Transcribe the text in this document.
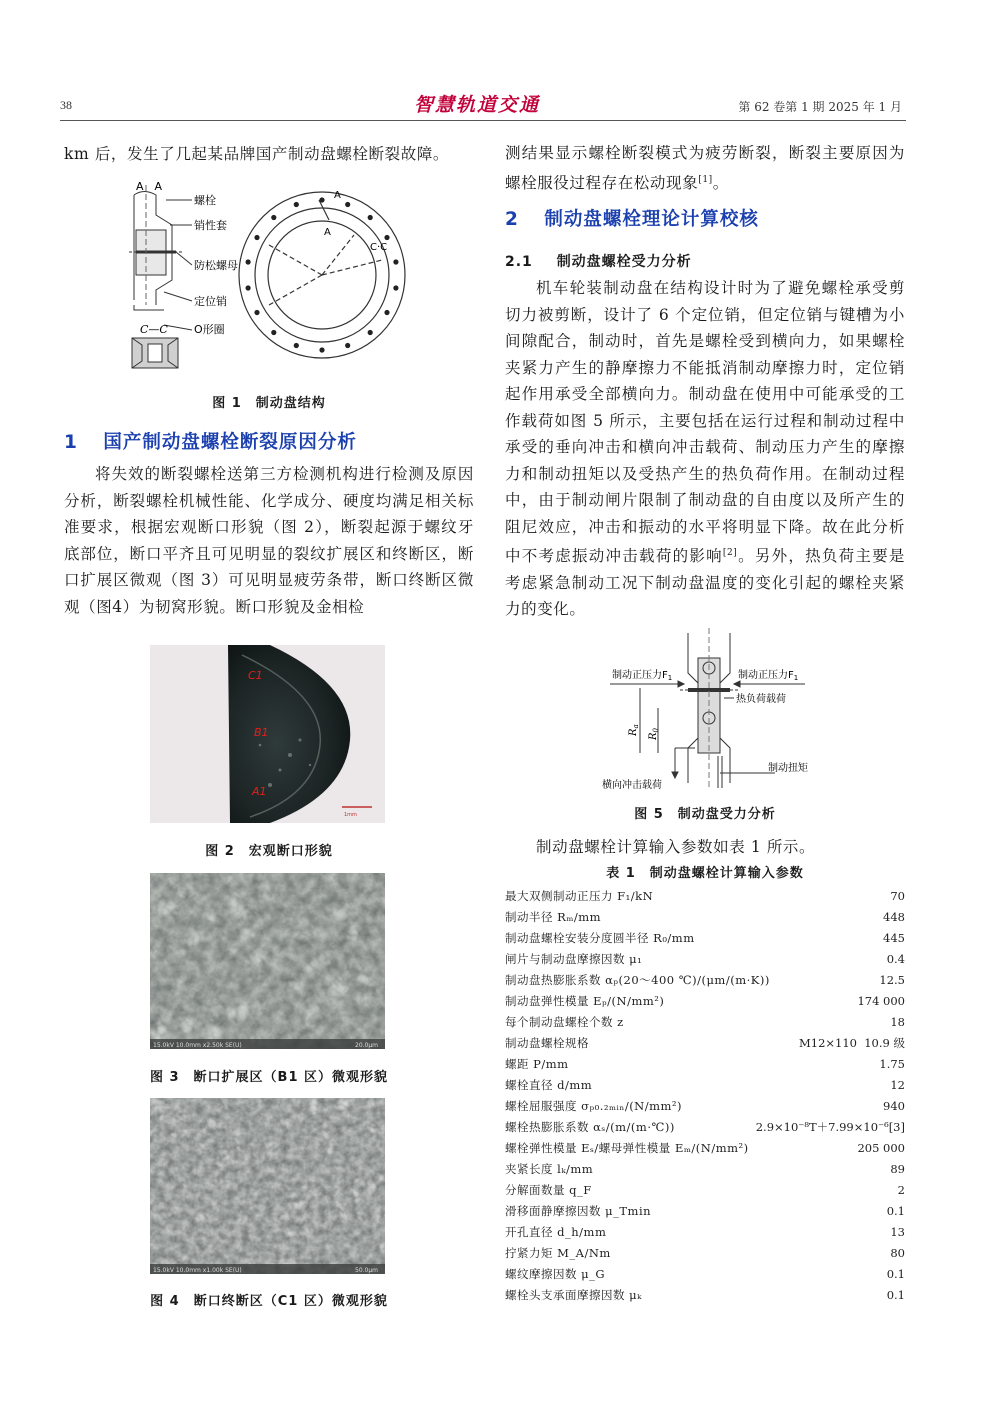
38	智慧轨道交通	第 62 卷第 1 期 2025 年 1 月
km 后，发生了几起某品牌国产制动盘螺栓断裂故障。
A　A
螺栓
销性套
防松螺母
定位销
O形圈
C—C
A
A
C·C
图 1　制动盘结构
1 国产制动盘螺栓断裂原因分析
将失效的断裂螺栓送第三方检测机构进行检测及原因分析，断裂螺栓机械性能、化学成分、硬度均满足相关标准要求，根据宏观断口形貌（图 2），断裂起源于螺纹牙底部位，断口平齐且可见明显的裂纹扩展区和终断区，断口扩展区微观（图 3）可见明显疲劳条带，断口终断区微观（图4）为韧窝形貌。断口形貌及金相检
C1
B1
A1
1mm
图 2　宏观断口形貌
15.0kV 10.0mm x2.50k SE(U)	20.0μm
图 3　断口扩展区（B1 区）微观形貌
15.0kV 10.0mm x1.00k SE(U)	50.0μm
图 4　断口终断区（C1 区）微观形貌
测结果显示螺栓断裂模式为疲劳断裂，断裂主要原因为螺栓服役过程存在松动现象[1]。
2 制动盘螺栓理论计算校核
2.1 制动盘螺栓受力分析
机车轮装制动盘在结构设计时为了避免螺栓承受剪切力被剪断，设计了 6 个定位销，但定位销与键槽为小间隙配合，制动时，首先是螺栓受到横向力，如果螺栓夹紧力产生的静摩擦力不能抵消制动摩擦力时，定位销起作用承受全部横向力。制动盘在使用中可能承受的工作载荷如图 5 所示，主要包括在运行过程和制动过程中承受的垂向冲击和横向冲击载荷、制动压力产生的摩擦力和制动扭矩以及受热产生的热负荷作用。在制动过程中，由于制动闸片限制了制动盘的自由度以及所产生的阻尼效应，冲击和振动的水平将明显下降。故在此分析中不考虑振动冲击载荷的影响[2]。另外，热负荷主要是考虑紧急制动工况下制动盘温度的变化引起的螺栓夹紧力的变化。
制动正压力$F_1$	制动正压力$F_1$
热负荷载荷
$R_a$
$R_0$
横向冲击载荷
制动扭矩
图 5　制动盘受力分析
制动盘螺栓计算输入参数如表 1 所示。
表 1　制动盘螺栓计算输入参数
最大双侧制动正压力 F₁/kN	70
制动半径 Rₘ/mm	448
制动盘螺栓安装分度圆半径 R₀/mm	445
闸片与制动盘摩擦因数 μ₁	0.4
制动盘热膨胀系数 αₚ(20～400 ℃)/(μm/(m·K))	12.5
制动盘弹性模量 Eₚ/(N/mm²)	174 000
每个制动盘螺栓个数 z	18
制动盘螺栓规格	M12×110 10.9 级
螺距 P/mm	1.75
螺栓直径 d/mm	12
螺栓屈服强度 σₚ₀.₂ₘᵢₙ/(N/mm²)	940
螺栓热膨胀系数 αₛ/(m/(m·℃))	2.9×10⁻⁸T＋7.99×10⁻⁶[3]
螺栓弹性模量 Eₛ/螺母弹性模量 Eₘ/(N/mm²)	205 000
夹紧长度 lₖ/mm	89
分解面数量 q_F	2
滑移面静摩擦因数 μ_Tmin	0.1
开孔直径 d_h/mm	13
拧紧力矩 M_A/Nm	80
螺纹摩擦因数 μ_G	0.1
螺栓头支承面摩擦因数 μₖ	0.1
